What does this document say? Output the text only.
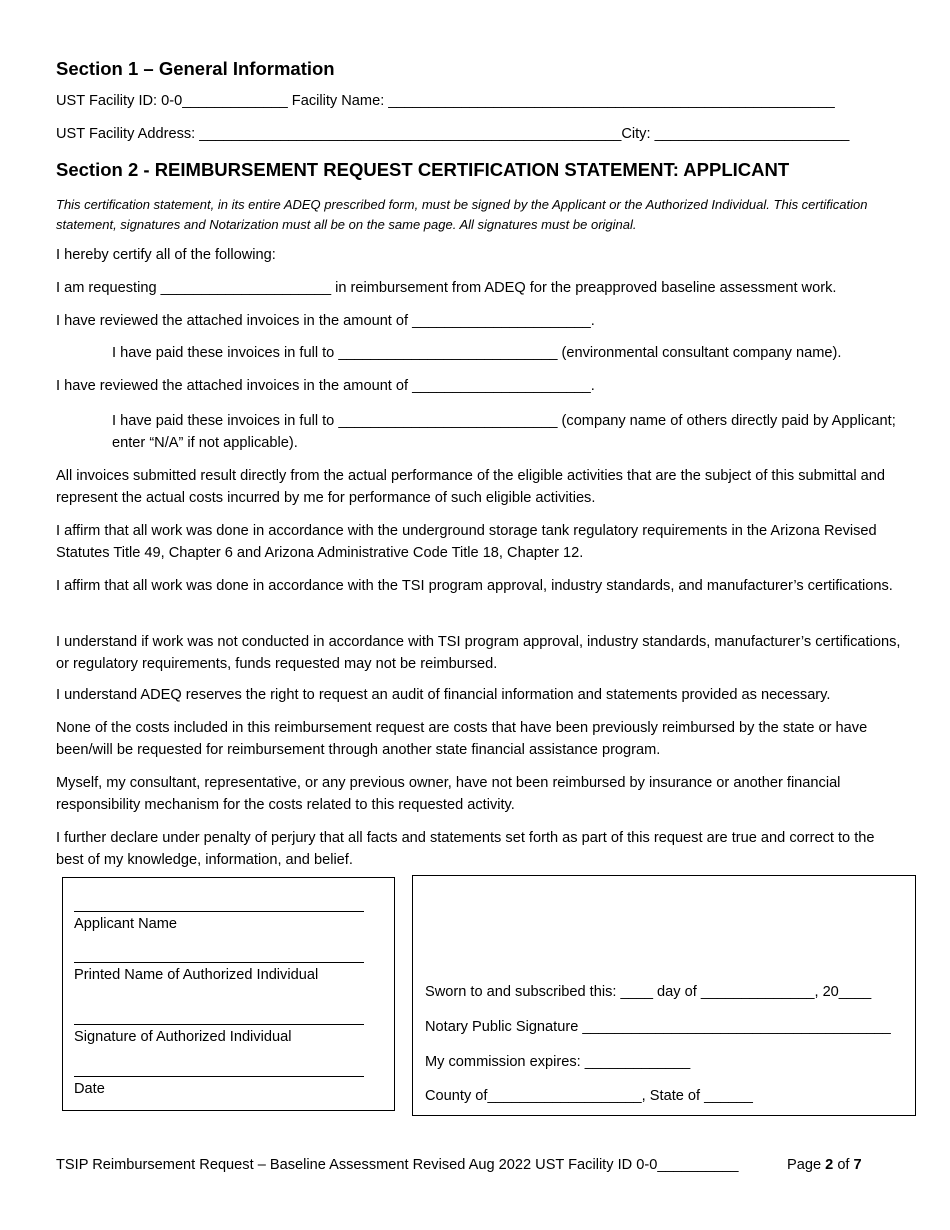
Section 1 – General Information
UST Facility ID: 0-0_____________ Facility Name: _______________________________________________________
UST Facility Address: ____________________________________________________City: ________________________
Section 2 - REIMBURSEMENT REQUEST CERTIFICATION STATEMENT: APPLICANT
This certification statement, in its entire ADEQ prescribed form, must be signed by the Applicant or the Authorized Individual. This certification statement, signatures and Notarization must all be on the same page. All signatures must be original.
I hereby certify all of the following:
I am requesting _____________________ in reimbursement from ADEQ for the preapproved baseline assessment work.
I have reviewed the attached invoices in the amount of ______________________.
I have paid these invoices in full to ___________________________ (environmental consultant company name).
I have reviewed the attached invoices in the amount of ______________________.
I have paid these invoices in full to ___________________________ (company name of others directly paid by Applicant; enter “N/A” if not applicable).
All invoices submitted result directly from the actual performance of the eligible activities that are the subject of this submittal and represent the actual costs incurred by me for performance of such eligible activities.
I affirm that all work was done in accordance with the underground storage tank regulatory requirements in the Arizona Revised Statutes Title 49, Chapter 6 and Arizona Administrative Code Title 18, Chapter 12.
I affirm that all work was done in accordance with the TSI program approval, industry standards, and manufacturer’s certifications.
I understand if work was not conducted in accordance with TSI program approval, industry standards, manufacturer’s certifications, or regulatory requirements, funds requested may not be reimbursed.
I understand ADEQ reserves the right to request an audit of financial information and statements provided as necessary.
None of the costs included in this reimbursement request are costs that have been previously reimbursed by the state or have been/will be requested for reimbursement through another state financial assistance program.
Myself, my consultant, representative, or any previous owner, have not been reimbursed by insurance or another financial responsibility mechanism for the costs related to this requested activity.
I further declare under penalty of perjury that all facts and statements set forth as part of this request are true and correct to the best of my knowledge, information, and belief.
Applicant Name
Printed Name of Authorized Individual
Signature of Authorized Individual
Date
Sworn to and subscribed this: ____ day of ______________, 20____
Notary Public Signature ______________________________________
My commission expires: _____________
County of___________________, State of ______
TSIP Reimbursement Request – Baseline Assessment Revised Aug 2022 UST Facility ID 0-0__________	Page 2 of 7
